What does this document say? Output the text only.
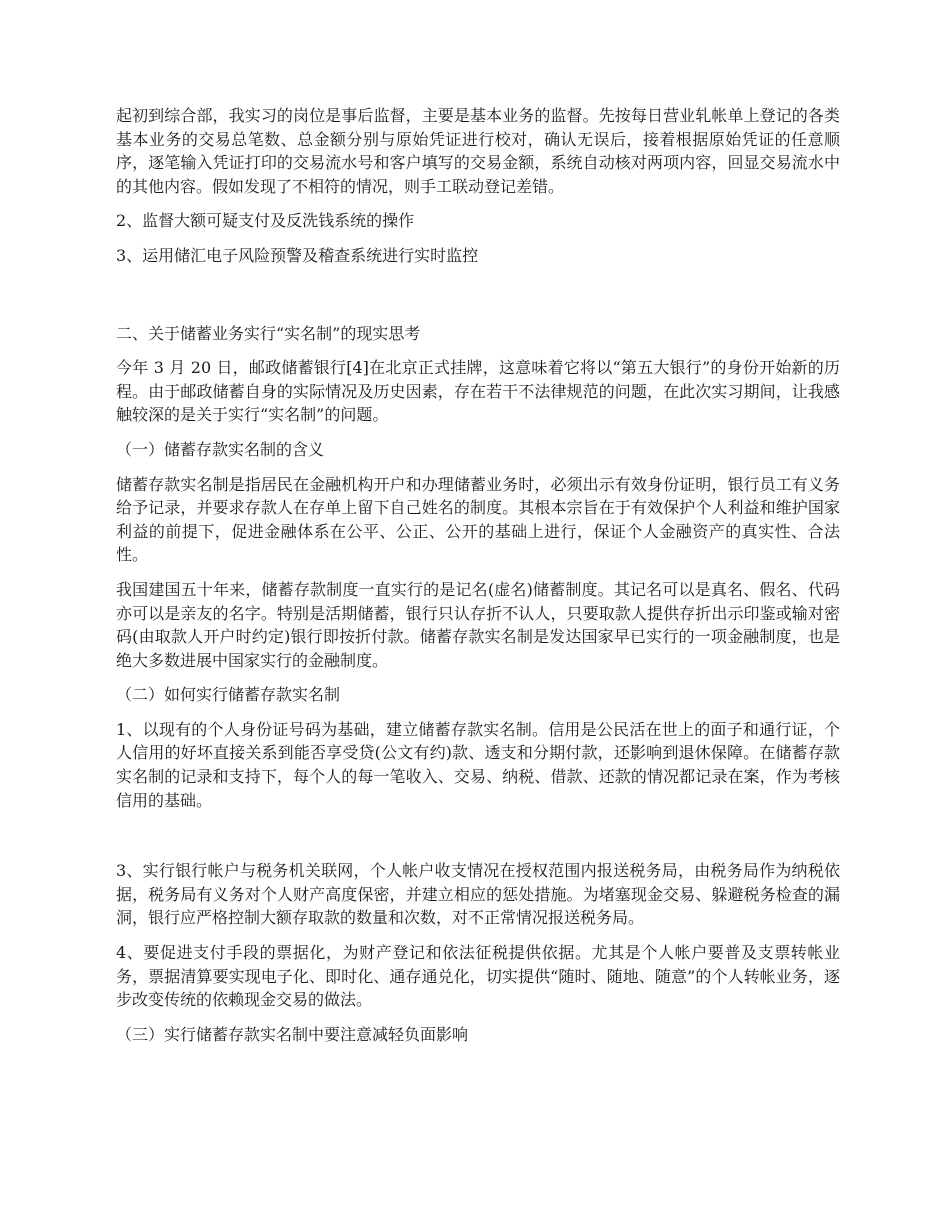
起初到综合部，我实习的岗位是事后监督，主要是基本业务的监督。先按每日营业轧帐单上登记的各类基本业务的交易总笔数、总金额分别与原始凭证进行校对，确认无误后，接着根据原始凭证的任意顺序，逐笔输入凭证打印的交易流水号和客户填写的交易金额，系统自动核对两项内容，回显交易流水中的其他内容。假如发现了不相符的情况，则手工联动登记差错。

2、监督大额可疑支付及反洗钱系统的操作

3、运用储汇电子风险预警及稽查系统进行实时监控

二、关于储蓄业务实行“实名制”的现实思考

今年 3 月 20 日，邮政储蓄银行[4]在北京正式挂牌，这意味着它将以“第五大银行”的身份开始新的历程。由于邮政储蓄自身的实际情况及历史因素，存在若干不法律规范的问题，在此次实习期间，让我感触较深的是关于实行“实名制”的问题。

（一）储蓄存款实名制的含义

储蓄存款实名制是指居民在金融机构开户和办理储蓄业务时，必须出示有效身份证明，银行员工有义务给予记录，并要求存款人在存单上留下自己姓名的制度。其根本宗旨在于有效保护个人利益和维护国家利益的前提下，促进金融体系在公平、公正、公开的基础上进行，保证个人金融资产的真实性、合法性。

我国建国五十年来，储蓄存款制度一直实行的是记名(虚名)储蓄制度。其记名可以是真名、假名、代码亦可以是亲友的名字。特别是活期储蓄，银行只认存折不认人，只要取款人提供存折出示印鉴或输对密码(由取款人开户时约定)银行即按折付款。储蓄存款实名制是发达国家早已实行的一项金融制度，也是绝大多数进展中国家实行的金融制度。

（二）如何实行储蓄存款实名制

1、以现有的个人身份证号码为基础，建立储蓄存款实名制。信用是公民活在世上的面子和通行证，个人信用的好坏直接关系到能否享受贷(公文有约)款、透支和分期付款，还影响到退休保障。在储蓄存款实名制的记录和支持下，每个人的每一笔收入、交易、纳税、借款、还款的情况都记录在案，作为考核信用的基础。

3、实行银行帐户与税务机关联网，个人帐户收支情况在授权范围内报送税务局，由税务局作为纳税依据，税务局有义务对个人财产高度保密，并建立相应的惩处措施。为堵塞现金交易、躲避税务检查的漏洞，银行应严格控制大额存取款的数量和次数，对不正常情况报送税务局。

4、要促进支付手段的票据化，为财产登记和依法征税提供依据。尤其是个人帐户要普及支票转帐业务，票据清算要实现电子化、即时化、通存通兑化，切实提供“随时、随地、随意”的个人转帐业务，逐步改变传统的依赖现金交易的做法。

（三）实行储蓄存款实名制中要注意减轻负面影响
